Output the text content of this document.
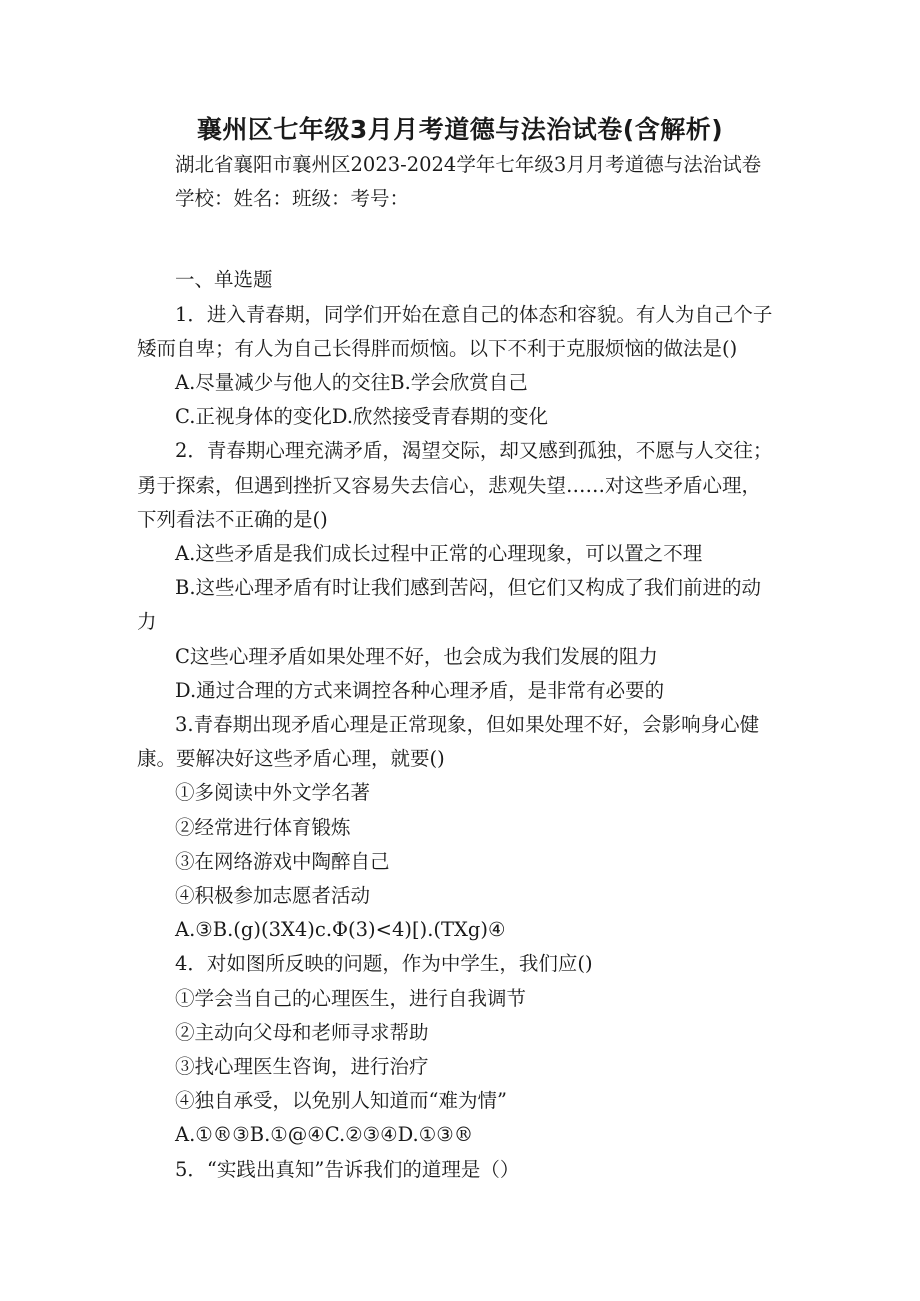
襄州区七年级3月月考道德与法治试卷(含解析)
湖北省襄阳市襄州区2023-2024学年七年级3月月考道德与法治试卷
学校：姓名：班级：考号：
一、单选题
1．进入青春期，同学们开始在意自己的体态和容貌。有人为自己个子
矮而自卑；有人为自己长得胖而烦恼。以下不利于克服烦恼的做法是()
A.尽量减少与他人的交往B.学会欣赏自己
C.正视身体的变化D.欣然接受青春期的变化
2．青春期心理充满矛盾，渴望交际，却又感到孤独，不愿与人交往；
勇于探索，但遇到挫折又容易失去信心，悲观失望……对这些矛盾心理，
下列看法不正确的是()
A.这些矛盾是我们成长过程中正常的心理现象，可以置之不理
B.这些心理矛盾有时让我们感到苦闷，但它们又构成了我们前进的动
力
C这些心理矛盾如果处理不好，也会成为我们发展的阻力
D.通过合理的方式来调控各种心理矛盾，是非常有必要的
3.青春期出现矛盾心理是正常现象，但如果处理不好，会影响身心健
康。要解决好这些矛盾心理，就要()
①多阅读中外文学名著
②经常进行体育锻炼
③在网络游戏中陶醉自己
④积极参加志愿者活动
A.③B.(g)(3X4)c.Φ(3)<4)[).(TXg)④
4．对如图所反映的问题，作为中学生，我们应()
①学会当自己的心理医生，进行自我调节
②主动向父母和老师寻求帮助
③找心理医生咨询，进行治疗
④独自承受，以免别人知道而“难为情”
A.①®③B.①@④C.②③④D.①③®
5．“实践出真知”告诉我们的道理是（）
